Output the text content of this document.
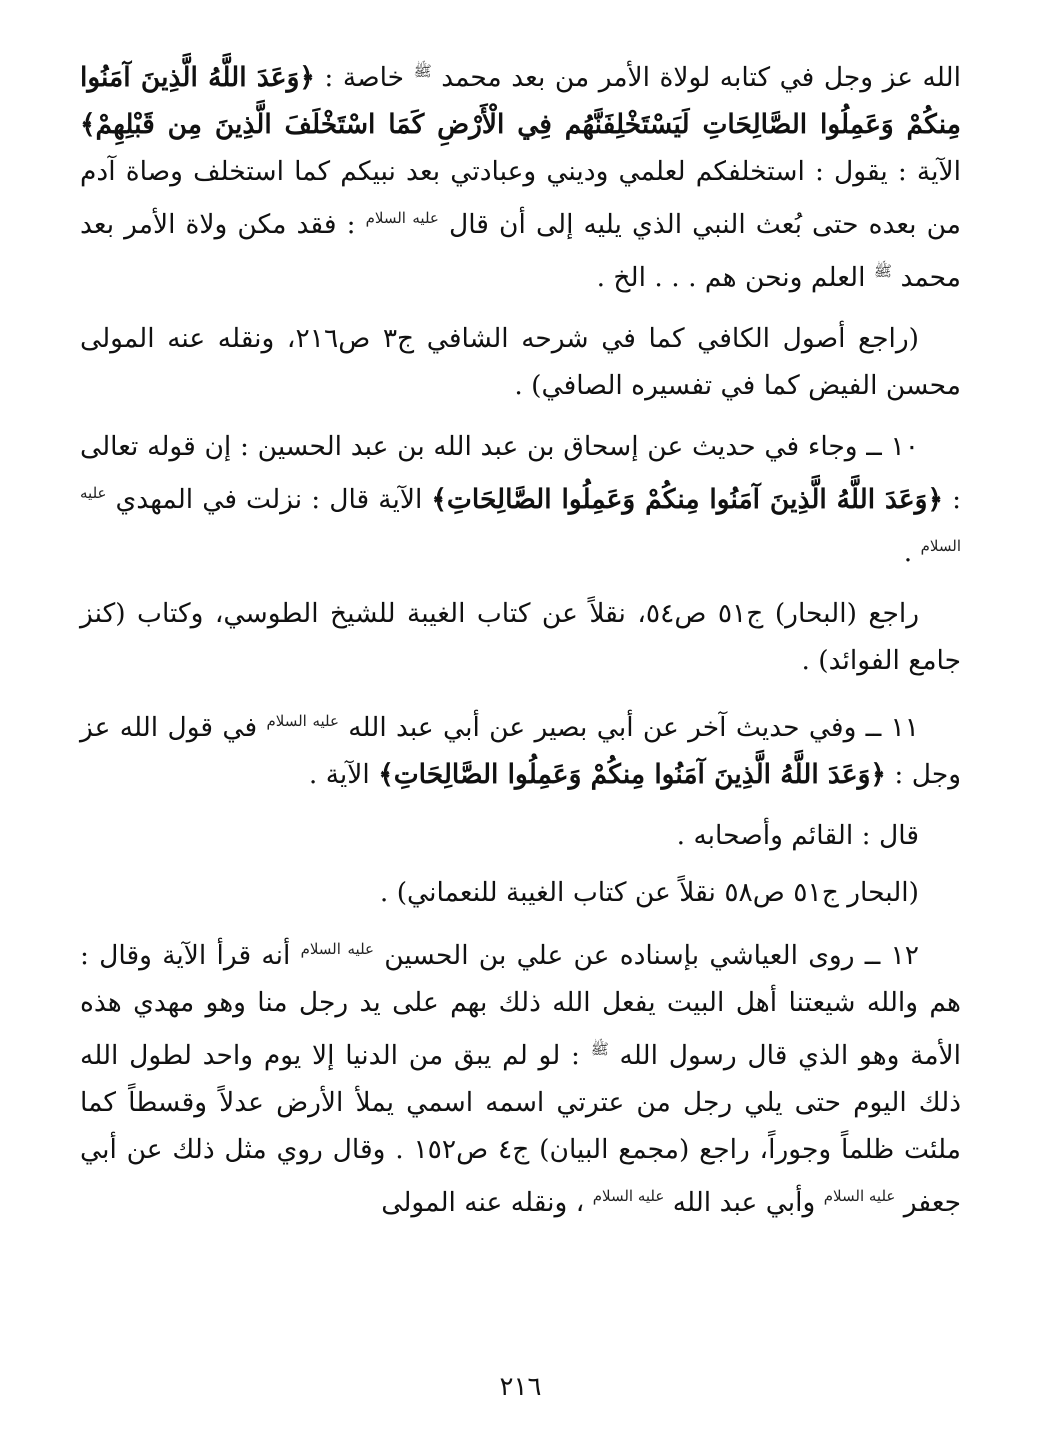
الله عز وجل في كتابه لولاة الأمر من بعد محمد $^ﷺ$ خاصة : ﴿وَعَدَ اللَّهُ الَّذِينَ آمَنُوا مِنكُمْ وَعَمِلُوا الصَّالِحَاتِ لَيَسْتَخْلِفَنَّهُم فِي الْأَرْضِ كَمَا اسْتَخْلَفَ الَّذِينَ مِن قَبْلِهِمْ﴾ الآية : يقول : استخلفكم لعلمي وديني وعبادتي بعد نبيكم كما استخلف وصاة آدم من بعده حتى بُعث النبي الذي يليه إلى أن قال $^{عليه السلام}$ : فقد مكن ولاة الأمر بعد محمد $^ﷺ$ العلم ونحن هم . . . الخ .

(راجع أصول الكافي كما في شرحه الشافي ج٣ ص٢١٦، ونقله عنه المولى محسن الفيض كما في تفسيره الصافي) .

١٠ ــ وجاء في حديث عن إسحاق بن عبد الله بن عبد الحسين : إن قوله تعالى : ﴿وَعَدَ اللَّهُ الَّذِينَ آمَنُوا مِنكُمْ وَعَمِلُوا الصَّالِحَاتِ﴾ الآية قال : نزلت في المهدي $^{عليه السلام}$ .

راجع (البحار) ج٥١ ص٥٤، نقلاً عن كتاب الغيبة للشيخ الطوسي، وكتاب (كنز جامع الفوائد) .

١١ ــ وفي حديث آخر عن أبي بصير عن أبي عبد الله $^{عليه السلام}$ في قول الله عز وجل : ﴿وَعَدَ اللَّهُ الَّذِينَ آمَنُوا مِنكُمْ وَعَمِلُوا الصَّالِحَاتِ﴾ الآية .

قال : القائم وأصحابه .

(البحار ج٥١ ص٥٨ نقلاً عن كتاب الغيبة للنعماني) .

١٢ ــ روى العياشي بإسناده عن علي بن الحسين $^{عليه السلام}$ أنه قرأ الآية وقال : هم والله شيعتنا أهل البيت يفعل الله ذلك بهم على يد رجل منا وهو مهدي هذه الأمة وهو الذي قال رسول الله $^ﷺ$ : لو لم يبق من الدنيا إلا يوم واحد لطول الله ذلك اليوم حتى يلي رجل من عترتي اسمه اسمي يملأ الأرض عدلاً وقسطاً كما ملئت ظلماً وجوراً، راجع (مجمع البيان) ج٤ ص١٥٢ . وقال روي مثل ذلك عن أبي جعفر $^{عليه السلام}$ وأبي عبد الله $^{عليه السلام}$ ، ونقله عنه المولى

٢١٦
